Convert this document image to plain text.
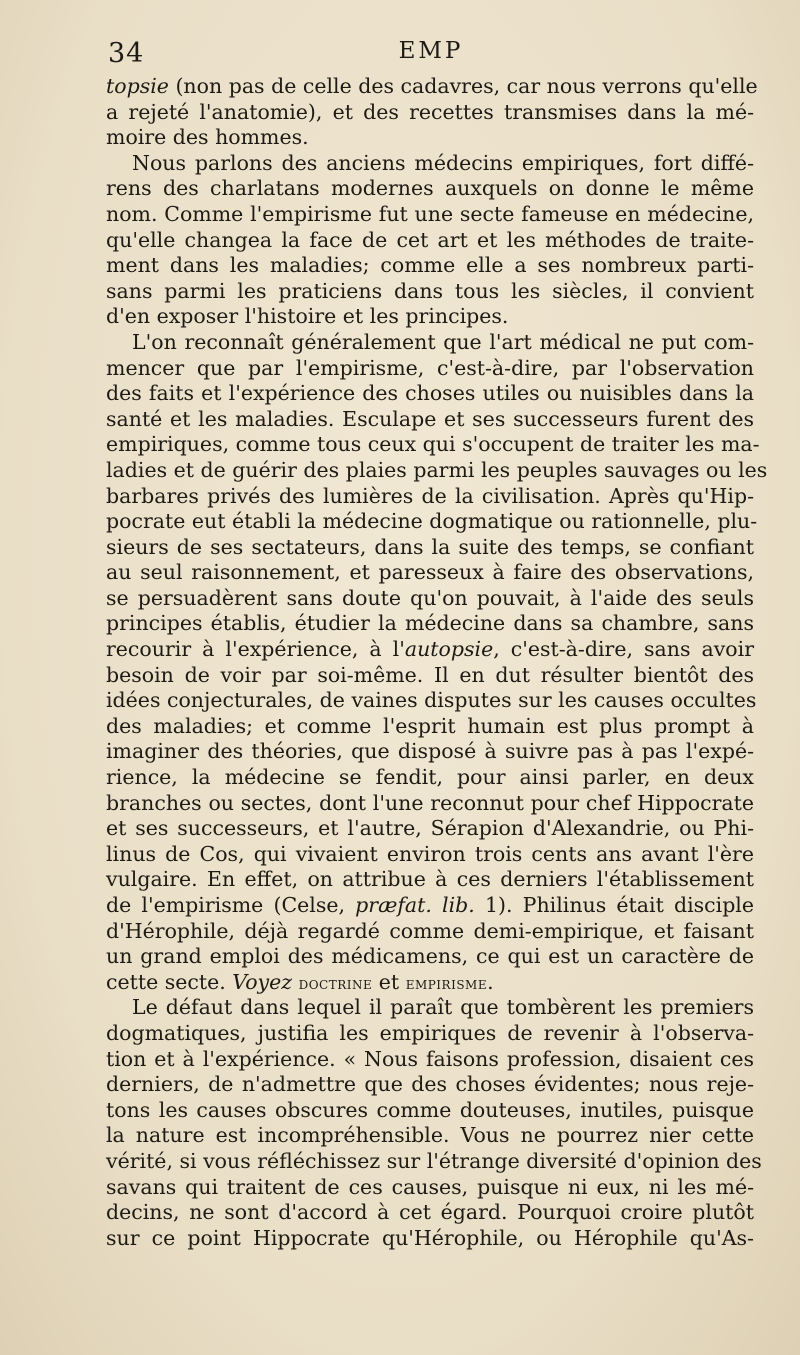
34	EMP
topsie (non pas de celle des cadavres, car nous verrons qu'elle
a rejeté l'anatomie), et des recettes transmises dans la mé-
moire des hommes.
Nous parlons des anciens médecins empiriques, fort diffé-
rens des charlatans modernes auxquels on donne le même
nom. Comme l'empirisme fut une secte fameuse en médecine,
qu'elle changea la face de cet art et les méthodes de traite-
ment dans les maladies; comme elle a ses nombreux parti-
sans parmi les praticiens dans tous les siècles, il convient
d'en exposer l'histoire et les principes.
L'on reconnaît généralement que l'art médical ne put com-
mencer que par l'empirisme, c'est-à-dire, par l'observation
des faits et l'expérience des choses utiles ou nuisibles dans la
santé et les maladies. Esculape et ses successeurs furent des
empiriques, comme tous ceux qui s'occupent de traiter les ma-
ladies et de guérir des plaies parmi les peuples sauvages ou les
barbares privés des lumières de la civilisation. Après qu'Hip-
pocrate eut établi la médecine dogmatique ou rationnelle, plu-
sieurs de ses sectateurs, dans la suite des temps, se confiant
au seul raisonnement, et paresseux à faire des observations,
se persuadèrent sans doute qu'on pouvait, à l'aide des seuls
principes établis, étudier la médecine dans sa chambre, sans
recourir à l'expérience, à l'autopsie, c'est-à-dire, sans avoir
besoin de voir par soi-même. Il en dut résulter bientôt des
idées conjecturales, de vaines disputes sur les causes occultes
des maladies; et comme l'esprit humain est plus prompt à
imaginer des théories, que disposé à suivre pas à pas l'expé-
rience, la médecine se fendit, pour ainsi parler, en deux
branches ou sectes, dont l'une reconnut pour chef Hippocrate
et ses successeurs, et l'autre, Sérapion d'Alexandrie, ou Phi-
linus de Cos, qui vivaient environ trois cents ans avant l'ère
vulgaire. En effet, on attribue à ces derniers l'établissement
de l'empirisme (Celse, præfat. lib. 1). Philinus était disciple
d'Hérophile, déjà regardé comme demi-empirique, et faisant
un grand emploi des médicamens, ce qui est un caractère de
cette secte. Voyez doctrine et empirisme.
Le défaut dans lequel il paraît que tombèrent les premiers
dogmatiques, justifia les empiriques de revenir à l'observa-
tion et à l'expérience. « Nous faisons profession, disaient ces
derniers, de n'admettre que des choses évidentes; nous reje-
tons les causes obscures comme douteuses, inutiles, puisque
la nature est incompréhensible. Vous ne pourrez nier cette
vérité, si vous réfléchissez sur l'étrange diversité d'opinion des
savans qui traitent de ces causes, puisque ni eux, ni les mé-
decins, ne sont d'accord à cet égard. Pourquoi croire plutôt
sur ce point Hippocrate qu'Hérophile, ou Hérophile qu'As-
